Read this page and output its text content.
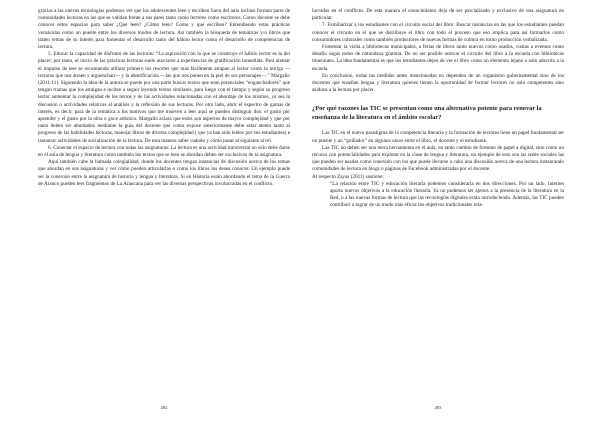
gracias a las nuevas tecnologías podemos ver que los adolescentes leen y escriben fuera del aula incluso forman parte de comunidades lectoras en las que se validan frente a sus pares tanto como lectores como escritores. Como docente se debe conocer estos espacios para saber ¿Qué leen? ¿Cómo leen? Como y qué escriben? Entendiendo estas prácticas vernáculas como un puente entre los diversos modos de lectura. Así también la búsqueda de temáticas y/o libros que traten temas de su interés para fomentar el desarrollo tanto del hábito lector como el desarrollo de competencias de lectura.

5. Educar la capacidad de disfrutar de las lecturas: “La aspiración con la que se construye el hábito lector es la del placer; por tanto, el inicio de las prácticas lectoras suele asociarse a experiencias de gratificación inmediata. Para alentar el impulso de leer se recomienda utilizar primero los resortes que más fácilmente atrapan al lector como la intriga —lecturas que nos atraen y arguenchan— y la identificación —las que nos ponen en la piel de sus personajes—.” Margallo (2011:11). Siguiendo la idea de la autora se puede por una parte buscar textos que sean potenciales “enganchadores” que tengan tramas que los atraigan e inciten a seguir leyendo textos similares, para luego con el tiempo y según su progreso lector aumentar la complejidad de los textos y de las actividades relacionadas con el abordaje de los mismos, ya sea la discusión o actividades relativas al análisis y la reflexión de sus lecturas. Por otro lado, abrir el espectro de gamas de interés, es decir, para de la temática a los motivos que me mueven a leer aquí se pueden distinguir dos: el gusto por aprender y el gusto por la obra o goce artístico. Margallo aclara que estos son aspectos de mayor complejidad y que por tanto deben ser abordados mediante la guía del docente que como expuse anteriormente debe estar atento tanto al progreso de las habilidades lectoras, manejar libros de diversa complejidad ( que ya han sido leídos por sus estudiantes) e instaurar actividades de socialización de la lectura. De esta manera saber cuándo y cómo pasar al siguiente nivel.

6. Conectar el espacio de lectura con todas las asignaturas: La lectura es una actividad transversal no solo debe darse en el aula de lengua y literatura como también los textos que se leen se abordan deben ser exclusivos de la asignatura.

Aquí también cabe la llamada colegialidad, donde los docentes tengan instancias de discusión acerca de los temas que abordan en sus asignaturas y ver cómo pueden articularlas o como los libros los desea conocer. Un ejemplo puede ser la conexión entre la asignatura de historia y lengua y literatura. Si en Historia están abordando el tema de la Guerra de Arauco pueden leer fragmentos de La Araucana para ver las diversas perspectivas involucradas en el conflicto.

482

lucradas en el conflicto. De esta manera el conocimiento deja de ser parcializado y exclusivo de una asignatura en particular.

7. Familiarizar a los estudiantes con el circuito social del libro: Buscar instancias en las que los estudiantes puedan conocer el circuito en el que se distribuye el libro con todo el proceso que eso implica para así formarlos como consumidores culturales como también productores de nuevas formas de cultura en torno producción verbalizada.

Fomentar la visita a bibliotecas municipales, a ferias de libros tanto nuevos como usados, visitas a eventos como desafío sagas todos de naturaleza gratuita. De no ser posible acercar el circuito del libro a la escuela con bibliotecas itinerantes. La idea fundamental es que los estudiantes dejen de ver el libro como un elemento lejano o solo adscrito a la escuela.

En conclusión, todas las medidas antes mencionadas no dependen de un organismo gubernamental sino de los docentes que enseñan lengua y literatura quienes tienen la oportunidad de formar lectores no solo competentes sino asiduos a la lectura por placer.

¿Por qué razones las TIC se presentan como una alternativa potente para renovar la enseñanza de la literatura en el ámbito escolar?

Las TIC en el nuevo paradigma de la competencia literaria y la formación de lectores tiene un papel fundamental ser un puente y un “guiñador” en algunos casos entre el libro, el docente y el estudiante.

Las TIC no deben ser una mera herramienta en el aula, en tanto cambio de formato de papel a digital, sino como un recurso con potencialidades para explotar en la clase de lengua y literatura, un ejemplo de esto son las redes sociales las que pueden ser usadas como conexión con los que puede llevarse a cabo una discusión acerca de una lectura instaurando comunidades de lectura en blogs o páginas de Facebook administradas por el docente.

Al respecto Zayas (2011) sostiene:

“La relación entre TIC y educación literaria podemos considerarla en dos direcciones. Por un lado, Internet aporta nuevos objetivos a la educación literaria. Ya no podemos ser ajenos a la presencia de la literatura en la Red, o a las nuevas formas de lectura que las tecnologías digitales están introduciendo. Además, las TIC pueden contribuir a lograr de un modo más eficaz los objetivos tradicionales rela-

483
